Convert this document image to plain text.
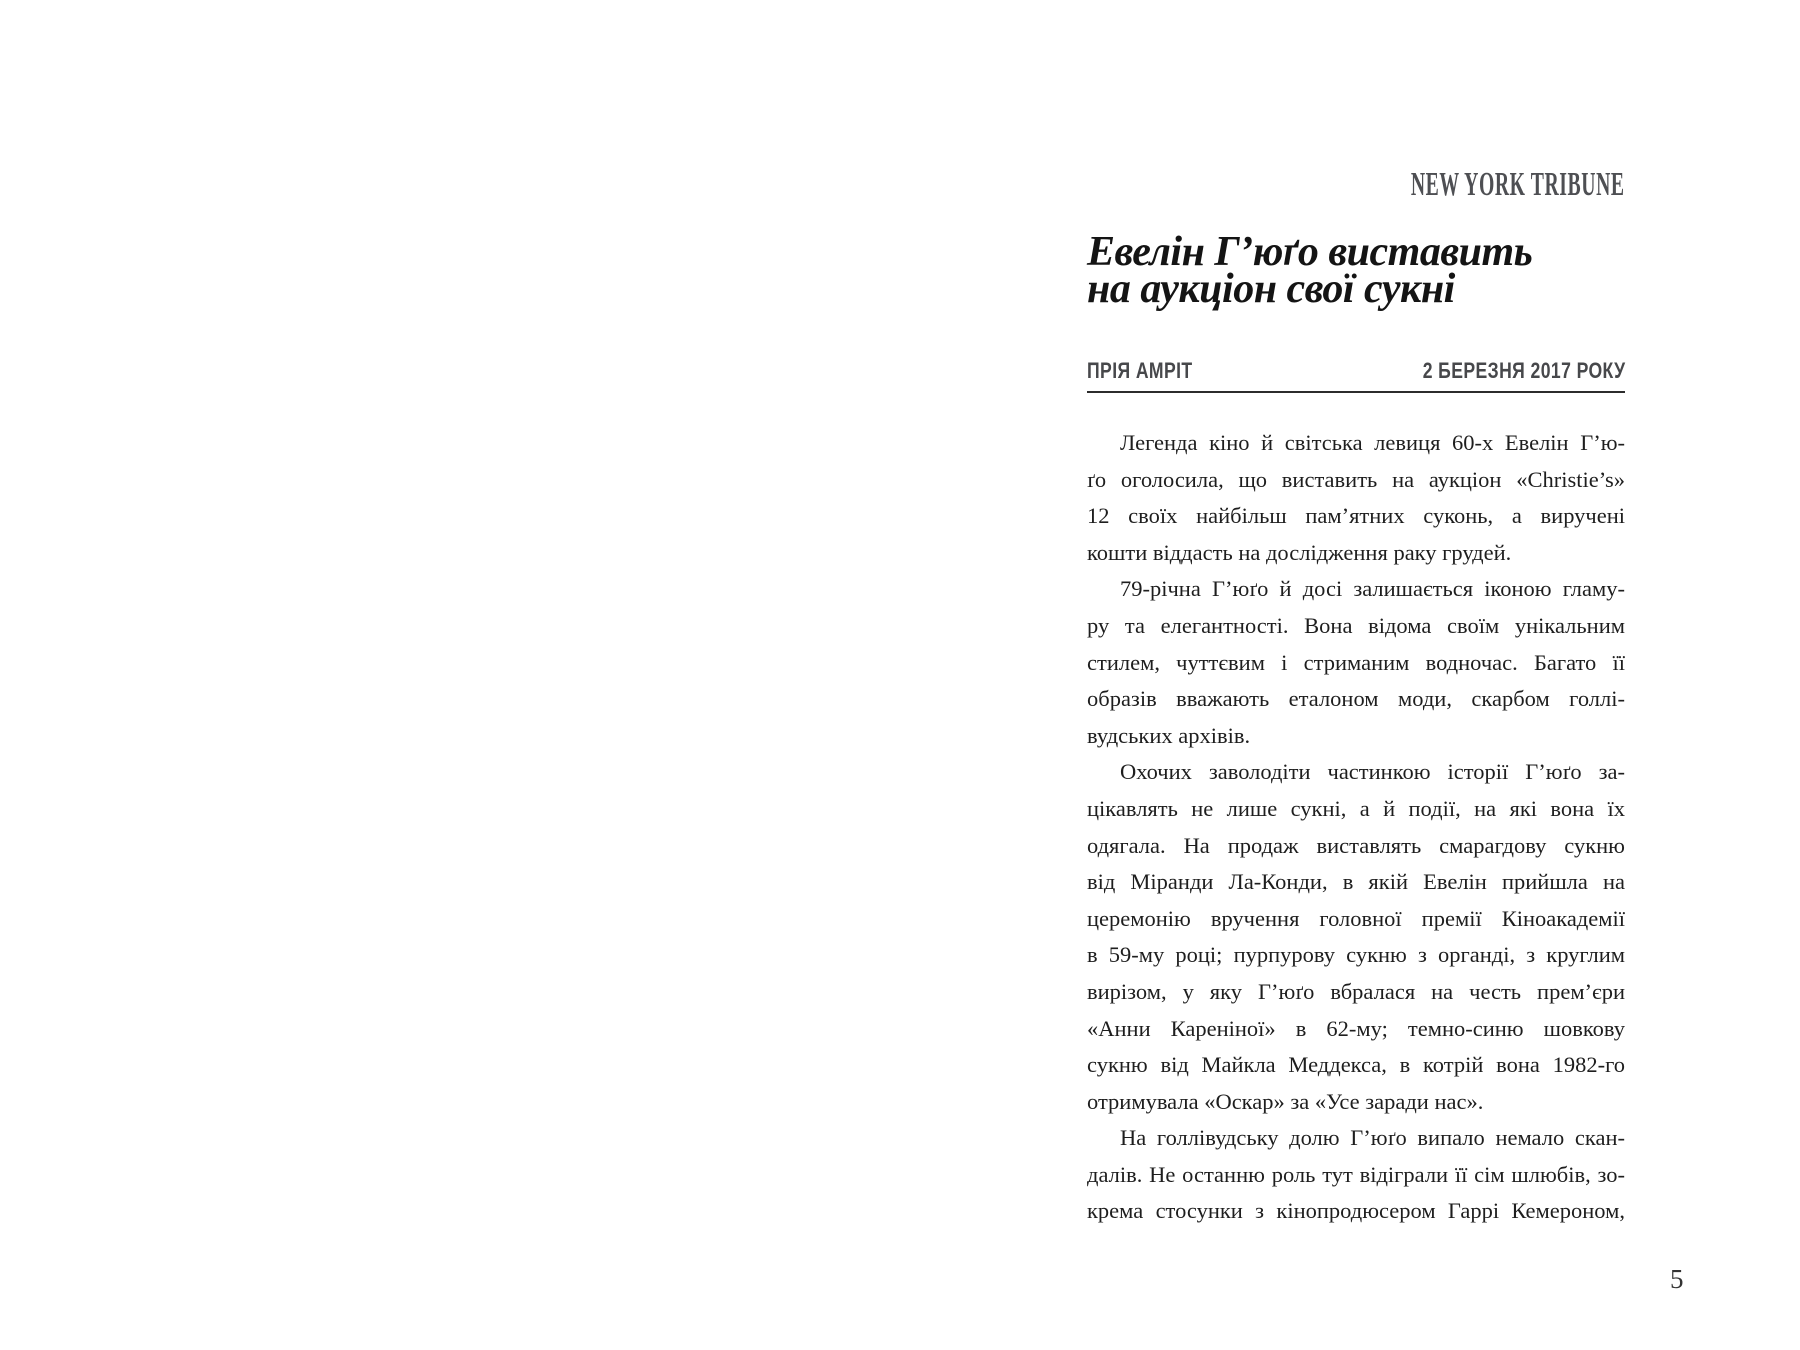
NEW YORK TRIBUNE
Евелін Г’юґо виставить
на аукціон свої сукні
ПРІЯ АМРІТ	2 БЕРЕЗНЯ 2017 РОКУ
Легенда кіно й світська левиця 60-х Евелін Г’ю-
ґо оголосила, що виставить на аукціон «Christie’s»
12 своїх найбільш пам’ятних суконь, а виручені
кошти віддасть на дослідження раку грудей.
79-річна Г’юґо й досі залишається іконою гламу-
ру та елегантності. Вона відома своїм унікальним
стилем, чуттєвим і стриманим водночас. Багато її
образів вважають еталоном моди, скарбом голлі-
вудських архівів.
Охочих заволодіти частинкою історії Г’юґо за-
цікавлять не лише сукні, а й події, на які вона їх
одягала. На продаж виставлять смарагдову сукню
від Міранди Ла-Конди, в якій Евелін прийшла на
церемонію вручення головної премії Кіноакадемії
в 59-му році; пурпурову сукню з органді, з круглим
вирізом, у яку Г’юґо вбралася на честь прем’єри
«Анни Кареніної» в 62-му; темно-синю шовкову
сукню від Майкла Меддекса, в котрій вона 1982-го
отримувала «Оскар» за «Усе заради нас».
На голлівудську долю Г’юґо випало немало скан-
далів. Не останню роль тут відіграли її сім шлюбів, зо-
крема стосунки з кінопродюсером Гаррі Кемероном,
5
